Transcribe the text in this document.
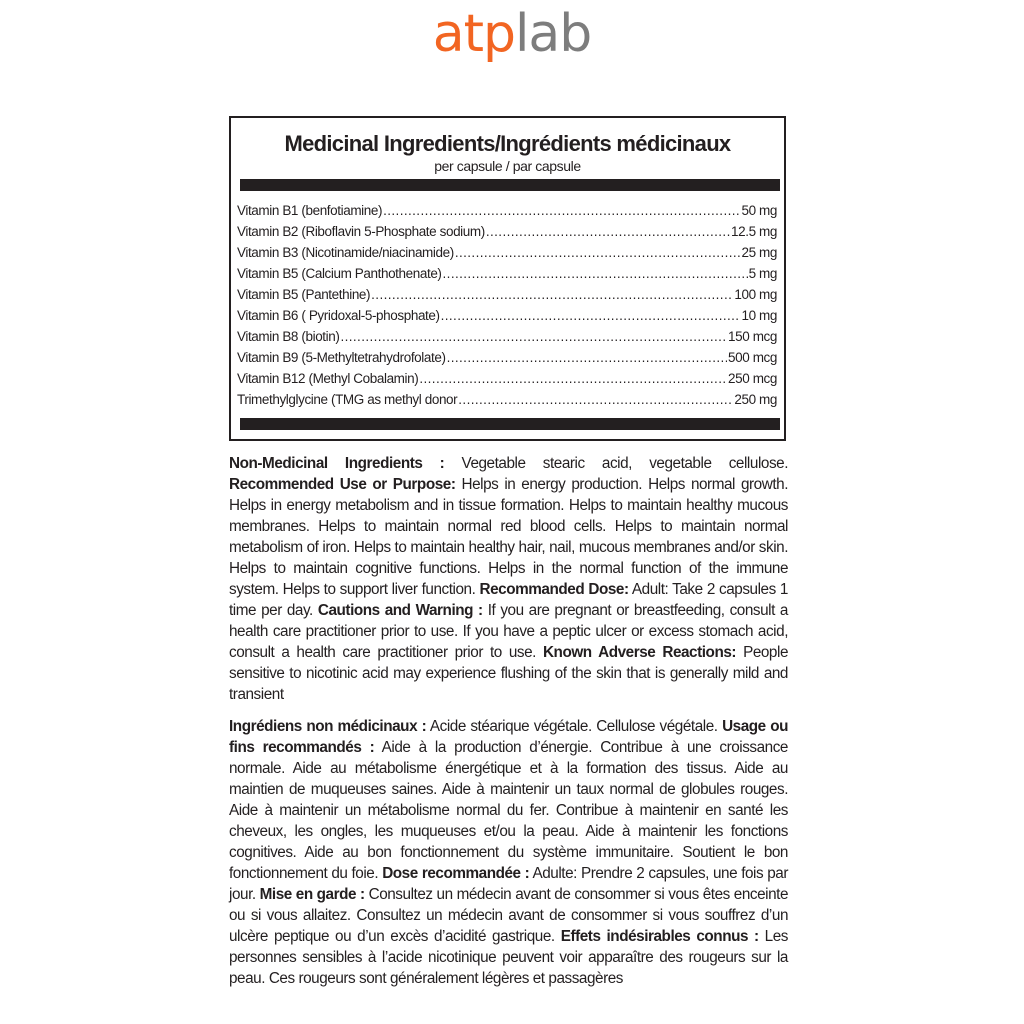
atplab
Medicinal Ingredients/Ingrédients médicinaux
per capsule / par capsule
Vitamin B1 (benfotiamine) .....	50 mg
Vitamin B2 (Riboflavin 5-Phosphate sodium) .....	12.5 mg
Vitamin B3 (Nicotinamide/niacinamide) .....	25 mg
Vitamin B5 (Calcium Panthothenate) .....	5 mg
Vitamin B5 (Pantethine) .....	100 mg
Vitamin B6 ( Pyridoxal-5-phosphate) .....	10 mg
Vitamin B8 (biotin) .....	150 mcg
Vitamin B9 (5-Methyltetrahydrofolate) .....	500 mcg
Vitamin B12 (Methyl Cobalamin) .....	250 mcg
Trimethylglycine (TMG as methyl donor .....	250 mg

Non-Medicinal Ingredients : Vegetable stearic acid, vegetable cellulose. Recommended Use or Purpose: Helps in energy production. Helps normal growth. Helps in energy metabolism and in tissue formation. Helps to maintain healthy mucous membranes. Helps to maintain normal red blood cells. Helps to maintain normal metabolism of iron. Helps to maintain healthy hair, nail, mucous membranes and/or skin. Helps to maintain cognitive functions. Helps in the normal function of the immune system. Helps to support liver function. Recommanded Dose: Adult: Take 2 capsules 1 time per day. Cautions and Warning : If you are pregnant or breastfeeding, consult a health care practitioner prior to use. If you have a peptic ulcer or excess stomach acid, consult a health care practitioner prior to use. Known Adverse Reactions: People sensitive to nicotinic acid may experience flushing of the skin that is generally mild and transient

Ingrédiens non médicinaux : Acide stéarique végétale. Cellulose végétale. Usage ou fins recommandés : Aide à la production d’énergie. Contribue à une croissance normale. Aide au métabolisme énergétique et à la formation des tissus. Aide au maintien de muqueuses saines. Aide à maintenir un taux normal de globules rouges. Aide à maintenir un métabolisme normal du fer. Contribue à maintenir en santé les cheveux, les ongles, les muqueuses et/ou la peau. Aide à maintenir les fonctions cognitives. Aide au bon fonctionnement du système immunitaire. Soutient le bon fonctionnement du foie. Dose recommandée : Adulte: Prendre 2 capsules, une fois par jour. Mise en garde : Consultez un médecin avant de consommer si vous êtes enceinte ou si vous allaitez. Consultez un médecin avant de consommer si vous souffrez d’un ulcère peptique ou d’un excès d’acidité gastrique. Effets indésirables connus : Les personnes sensibles à l’acide nicotinique peuvent voir apparaître des rougeurs sur la peau. Ces rougeurs sont généralement légères et passagères
